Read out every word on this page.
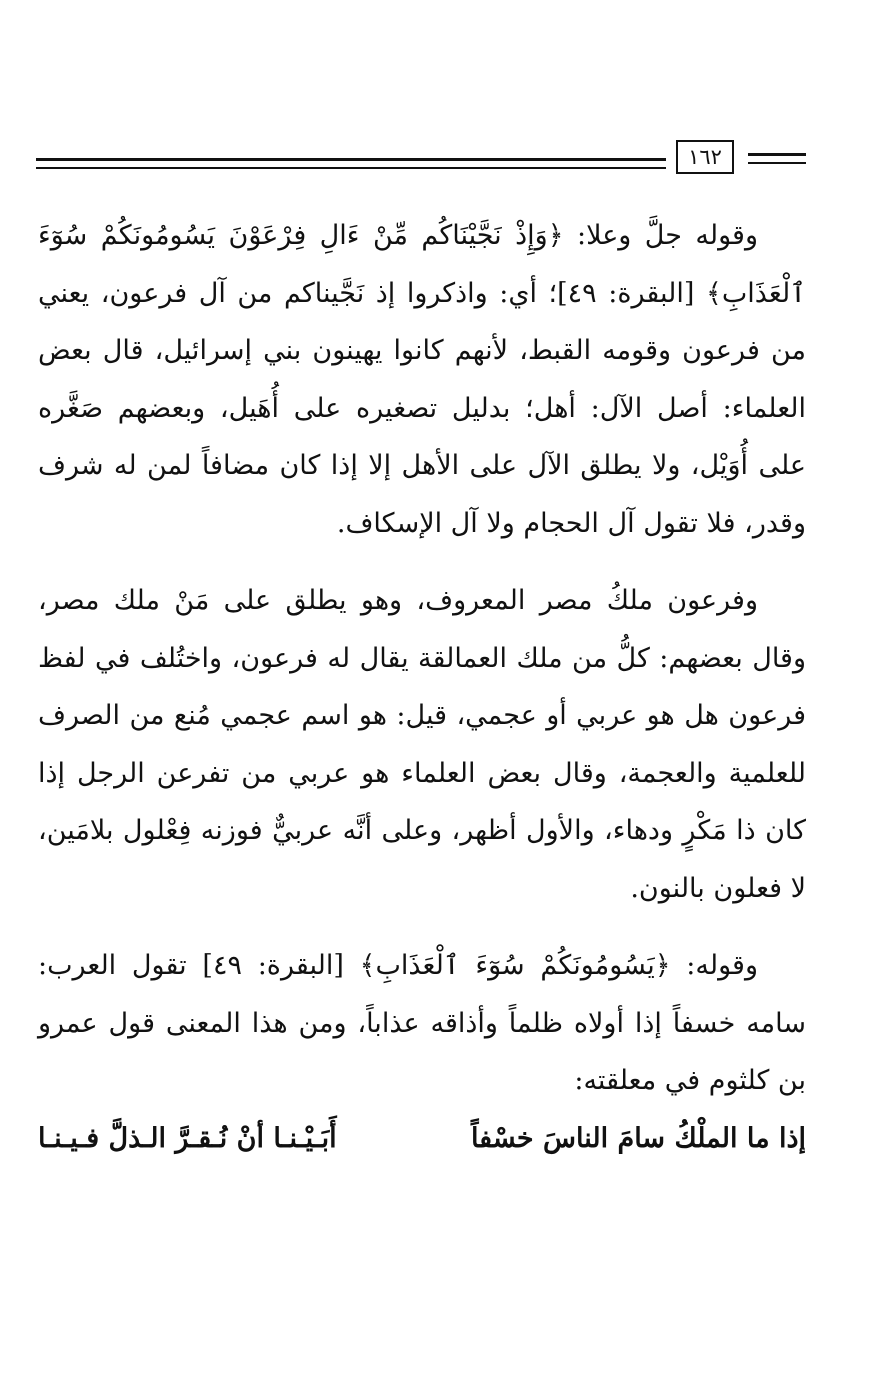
١٦٢

وقوله جلَّ وعلا: ﴿وَإِذْ نَجَّيْنَاكُم مِّنْ ءَالِ فِرْعَوْنَ يَسُومُونَكُمْ سُوٓءَ ٱلْعَذَابِ﴾ [البقرة: ٤٩]؛ أي: واذكروا إذ نَجَّيناكم من آل فرعون، يعني من فرعون وقومه القبط، لأنهم كانوا يهينون بني إسرائيل، قال بعض العلماء: أصل الآل: أهل؛ بدليل تصغيره على أُهَيل، وبعضهم صَغَّره على أُوَيْل، ولا يطلق الآل على الأهل إلا إذا كان مضافاً لمن له شرف وقدر، فلا تقول آل الحجام ولا آل الإسكاف.

وفرعون ملكُ مصر المعروف، وهو يطلق على مَنْ ملك مصر، وقال بعضهم: كلُّ من ملك العمالقة يقال له فرعون، واختُلف في لفظ فرعون هل هو عربي أو عجمي، قيل: هو اسم عجمي مُنع من الصرف للعلمية والعجمة، وقال بعض العلماء هو عربي من تفرعن الرجل إذا كان ذا مَكْرٍ ودهاء، والأول أظهر، وعلى أنَّه عربيٌّ فوزنه فِعْلول بلامَين، لا فعلون بالنون.

وقوله: ﴿يَسُومُونَكُمْ سُوٓءَ ٱلْعَذَابِ﴾ [البقرة: ٤٩] تقول العرب: سامه خسفاً إذا أولاه ظلماً وأذاقه عذاباً، ومن هذا المعنى قول عمرو بن كلثوم في معلقته:

إذا ما الملْكُ سامَ الناسَ خسْفاً
أَبَـيْـنـا أنْ نُـقـرَّ الـذلَّ فـيـنـا
